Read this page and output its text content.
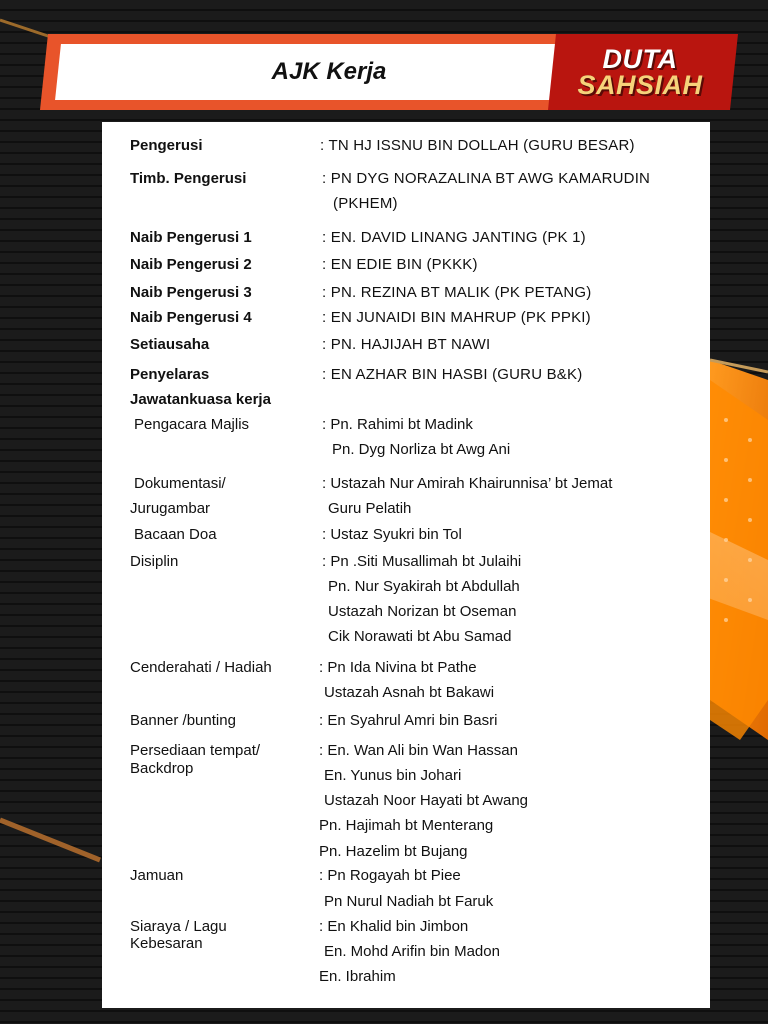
AJK Kerja	DUTA
SAHSIAH
Pengerusi	: TN HJ ISSNU BIN DOLLAH (GURU BESAR)
Timb. Pengerusi	: PN DYG NORAZALINA BT AWG KAMARUDIN
(PKHEM)
Naib Pengerusi 1	: EN. DAVID LINANG JANTING (PK 1)
Naib Pengerusi 2	: EN EDIE BIN (PKKK)
Naib Pengerusi 3	: PN. REZINA BT MALIK (PK PETANG)
Naib Pengerusi 4	: EN JUNAIDI BIN MAHRUP (PK PPKI)
Setiausaha	: PN. HAJIJAH BT NAWI
Penyelaras	: EN AZHAR BIN HASBI (GURU B&K)
Jawatankuasa kerja
Pengacara Majlis	: Pn. Rahimi bt Madink
Pn. Dyg Norliza bt Awg Ani
Dokumentasi/
Jurugambar
: Ustazah Nur Amirah Khairunnisa’ bt Jemat
Guru Pelatih
Bacaan Doa	: Ustaz Syukri bin Tol
Disiplin	: Pn .Siti Musallimah bt Julaihi
Pn. Nur Syakirah bt Abdullah
Ustazah Norizan bt Oseman
Cik Norawati bt Abu Samad
Cenderahati / Hadiah	: Pn Ida Nivina bt Pathe
Ustazah Asnah bt Bakawi
Banner /bunting	: En Syahrul Amri bin Basri
Persediaan tempat/
Backdrop
: En. Wan Ali bin Wan Hassan
En. Yunus bin Johari
Ustazah Noor Hayati bt Awang
Pn. Hajimah bt Menterang
Pn. Hazelim bt Bujang
Jamuan	: Pn Rogayah bt Piee
Pn Nurul Nadiah bt Faruk
Siaraya / Lagu
Kebesaran
: En Khalid bin Jimbon
En. Mohd Arifin bin Madon
En. Ibrahim
